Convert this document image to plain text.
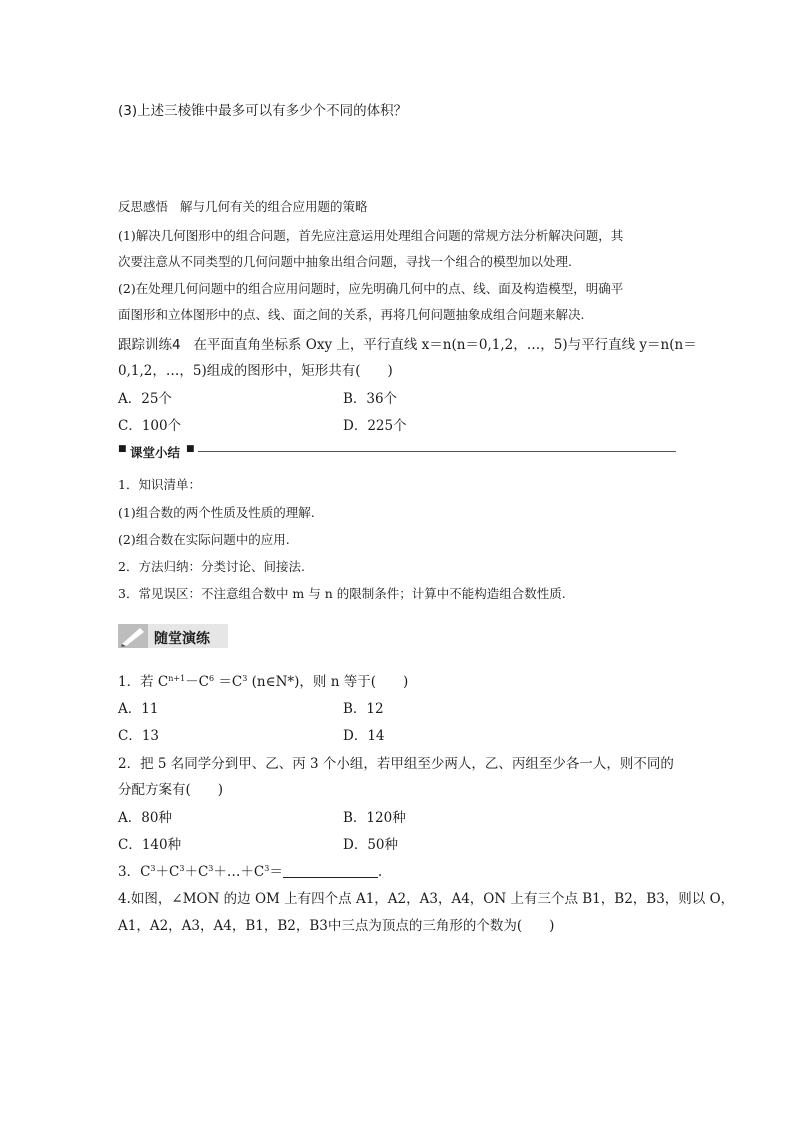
(3)上述三棱锥中最多可以有多少个不同的体积？
反思感悟 解与几何有关的组合应用题的策略
(1)解决几何图形中的组合问题，首先应注意运用处理组合问题的常规方法分析解决问题，其
次要注意从不同类型的几何问题中抽象出组合问题，寻找一个组合的模型加以处理.
(2)在处理几何问题中的组合应用问题时，应先明确几何中的点、线、面及构造模型，明确平
面图形和立体图形中的点、线、面之间的关系，再将几何问题抽象成组合问题来解决.
跟踪训练4 在平面直角坐标系 Oxy 上，平行直线 x＝n(n＝0,1,2，…，5)与平行直线 y＝n(n＝
0,1,2，…，5)组成的图形中，矩形共有(　　)
A．25个	B．36个
C．100个	D．225个
■ 课堂小结 ■
1．知识清单：
(1)组合数的两个性质及性质的理解.
(2)组合数在实际问题中的应用.
2．方法归纳：分类讨论、间接法.
3．常见误区：不注意组合数中 m 与 n 的限制条件；计算中不能构造组合数性质.
随堂演练
1．若 $C^{n+1}-C^6 =C^3$ (n∈N*)，则 n 等于(　　)
A．11	B．12
C．13	D．14
2．把 5 名同学分到甲、乙、丙 3 个小组，若甲组至少两人，乙、丙组至少各一人，则不同的
分配方案有(　　)
A．80种	B．120种
C．140种	D．50种
3．$C^3+C^3+C^3+\dots+C^3=$	.
4.如图，∠MON 的边 OM 上有四个点 A1，A2，A3，A4，ON 上有三个点 B1，B2，B3，则以 O，
A1，A2，A3，A4，B1，B2，B3中三点为顶点的三角形的个数为(　　)
